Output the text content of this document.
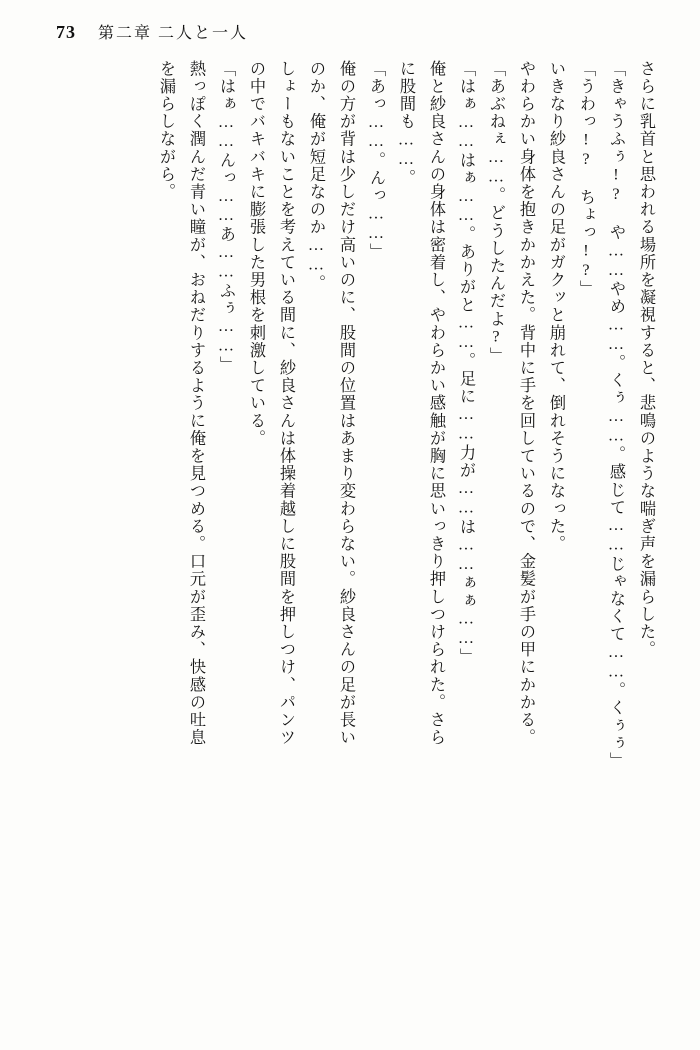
73 第二章 二人と一人
さらに乳首と思われる場所を凝視すると、悲鳴のような喘ぎ声を漏らした。
「きゃうふぅ!? や……やめ……。くぅ……。感じて……じゃなくて……。くぅぅ」
「うわっ!? ちょっ!?」
いきなり紗良さんの足がガクッと崩れて、倒れそうになった。
やわらかい身体を抱きかかえた。背中に手を回しているので、金髪が手の甲にかかる。
「あぶねぇ……。どうしたんだよ?」
「はぁ……はぁ……。ありがと……。足に……力が……は……ぁぁ……」
俺と紗良さんの身体は密着し、やわらかい感触が胸に思いっきり押しつけられた。さら
に股間も……。
「あっ……。んっ……」
俺の方が背は少しだけ高いのに、股間の位置はあまり変わらない。紗良さんの足が長い
のか、俺が短足なのか……。
しょーもないことを考えている間に、紗良さんは体操着越しに股間を押しつけ、パンツ
の中でバキバキに膨張した男根を刺激している。
「はぁ……んっ……あ……ふぅ……」
熱っぽく潤んだ青い瞳が、おねだりするように俺を見つめる。口元が歪み、快感の吐息
を漏らしながら。
